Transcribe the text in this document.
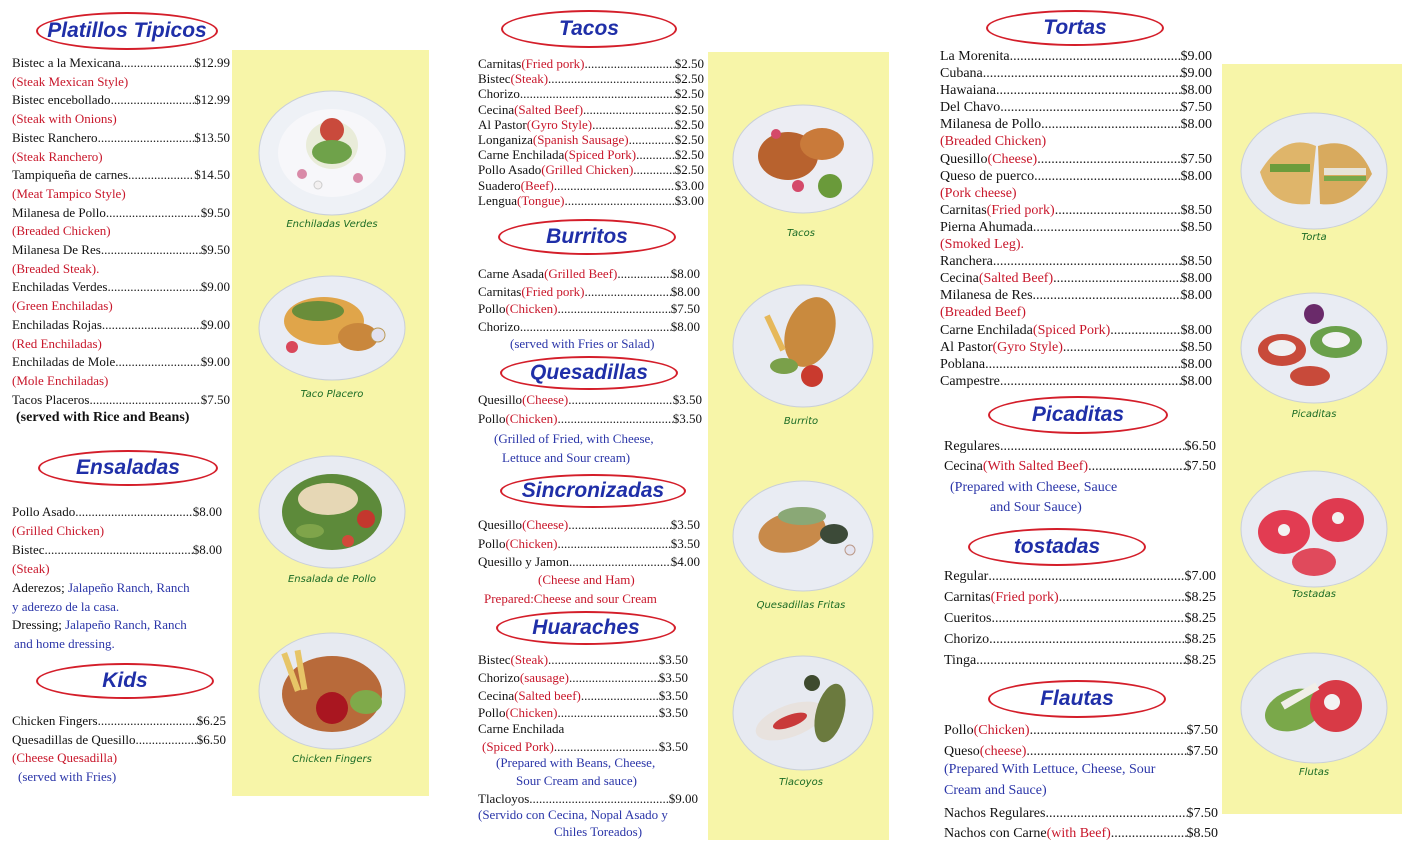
Platillos Tipicos
Bistec a la Mexicana .....	$12.99
(Steak Mexican Style)
Bistec encebollado .....	$12.99
(Steak with Onions)
Bistec Ranchero .....	$13.50
(Steak Ranchero)
Tampiqueña de carnes .....	$14.50
(Meat Tampico Style)
Milanesa de Pollo .....	$9.50
(Breaded Chicken)
Milanesa De Res .....	$9.50
(Breaded Steak).
Enchiladas Verdes .....	$9.00
(Green Enchiladas)
Enchiladas Rojas .....	$9.00
(Red Enchiladas)
Enchiladas de Mole .....	$9.00
(Mole Enchiladas)
Tacos Placeros .....	$7.50
(served with Rice and Beans)
Ensaladas
Pollo Asado .....	$8.00
(Grilled Chicken)
Bistec .....	$8.00
(Steak)
Aderezos; Jalapeño Ranch, Ranch
y aderezo de la casa.
Dressing; Jalapeño Ranch, Ranch
and home dressing.
Kids
Chicken Fingers .....	$6.25
Quesadillas de Quesillo .....	$6.50
(Cheese Quesadilla)
(served with Fries)
Enchiladas Verdes
Taco Placero
Ensalada de Pollo
Chicken Fingers
Tacos
Carnitas (Fried pork) .....	$2.50
Bistec (Steak) .....	$2.50
Chorizo .....	$2.50
Cecina (Salted Beef) .....	$2.50
Al Pastor (Gyro Style) .....	$2.50
Longaniza (Spanish Sausage) .....	$2.50
Carne Enchilada (Spiced Pork) .....	$2.50
Pollo Asado (Grilled Chicken) .....	$2.50
Suadero (Beef) .....	$3.00
Lengua (Tongue) .....	$3.00
Burritos
Carne Asada (Grilled Beef) .....	$8.00
Carnitas (Fried pork) .....	$8.00
Pollo (Chicken) .....	$7.50
Chorizo .....	$8.00
(served with Fries or Salad)
Quesadillas
Quesillo (Cheese) .....	$3.50
Pollo (Chicken) .....	$3.50
(Grilled of Fried, with Cheese,
Lettuce and Sour cream)
Sincronizadas
Quesillo (Cheese) .....	$3.50
Pollo (Chicken) .....	$3.50
Quesillo y Jamon .....	$4.00
(Cheese and Ham)
Prepared:Cheese and sour Cream
Huaraches
Bistec (Steak) .....	$3.50
Chorizo (sausage) .....	$3.50
Cecina (Salted beef) .....	$3.50
Pollo (Chicken) .....	$3.50
Carne Enchilada
(Spiced Pork) .....	$3.50
(Prepared with Beans, Cheese,
Sour Cream and sauce)
Tlacloyos .....	$9.00
(Servido con Cecina, Nopal Asado y
Chiles Toreados)
Tacos
Burrito
Quesadillas Fritas
Tlacoyos
Tortas
La Morenita .....	$9.00
Cubana .....	$9.00
Hawaiana .....	$8.00
Del Chavo .....	$7.50
Milanesa de Pollo .....	$8.00
(Breaded Chicken)
Quesillo (Cheese) .....	$7.50
Queso de puerco .....	$8.00
(Pork cheese)
Carnitas (Fried pork) .....	$8.50
Pierna Ahumada .....	$8.50
(Smoked Leg).
Ranchera .....	$8.50
Cecina (Salted Beef) .....	$8.00
Milanesa de Res .....	$8.00
(Breaded Beef)
Carne Enchilada (Spiced Pork) .....	$8.00
Al Pastor (Gyro Style) .....	$8.50
Poblana .....	$8.00
Campestre .....	$8.00
Picaditas
Regulares .....	$6.50
Cecina (With Salted Beef) .....	$7.50
(Prepared with Cheese, Sauce
and Sour Sauce)
tostadas
Regular .....	$7.00
Carnitas (Fried pork) .....	$8.25
Cueritos .....	$8.25
Chorizo .....	$8.25
Tinga .....	$8.25
Flautas
Pollo (Chicken) .....	$7.50
Queso (cheese) .....	$7.50
(Prepared With Lettuce, Cheese, Sour
Cream and Sauce)
Nachos Regulares .....	$7.50
Nachos con Carne (with Beef) .....	$8.50
Torta
Picaditas
Tostadas
Flutas
